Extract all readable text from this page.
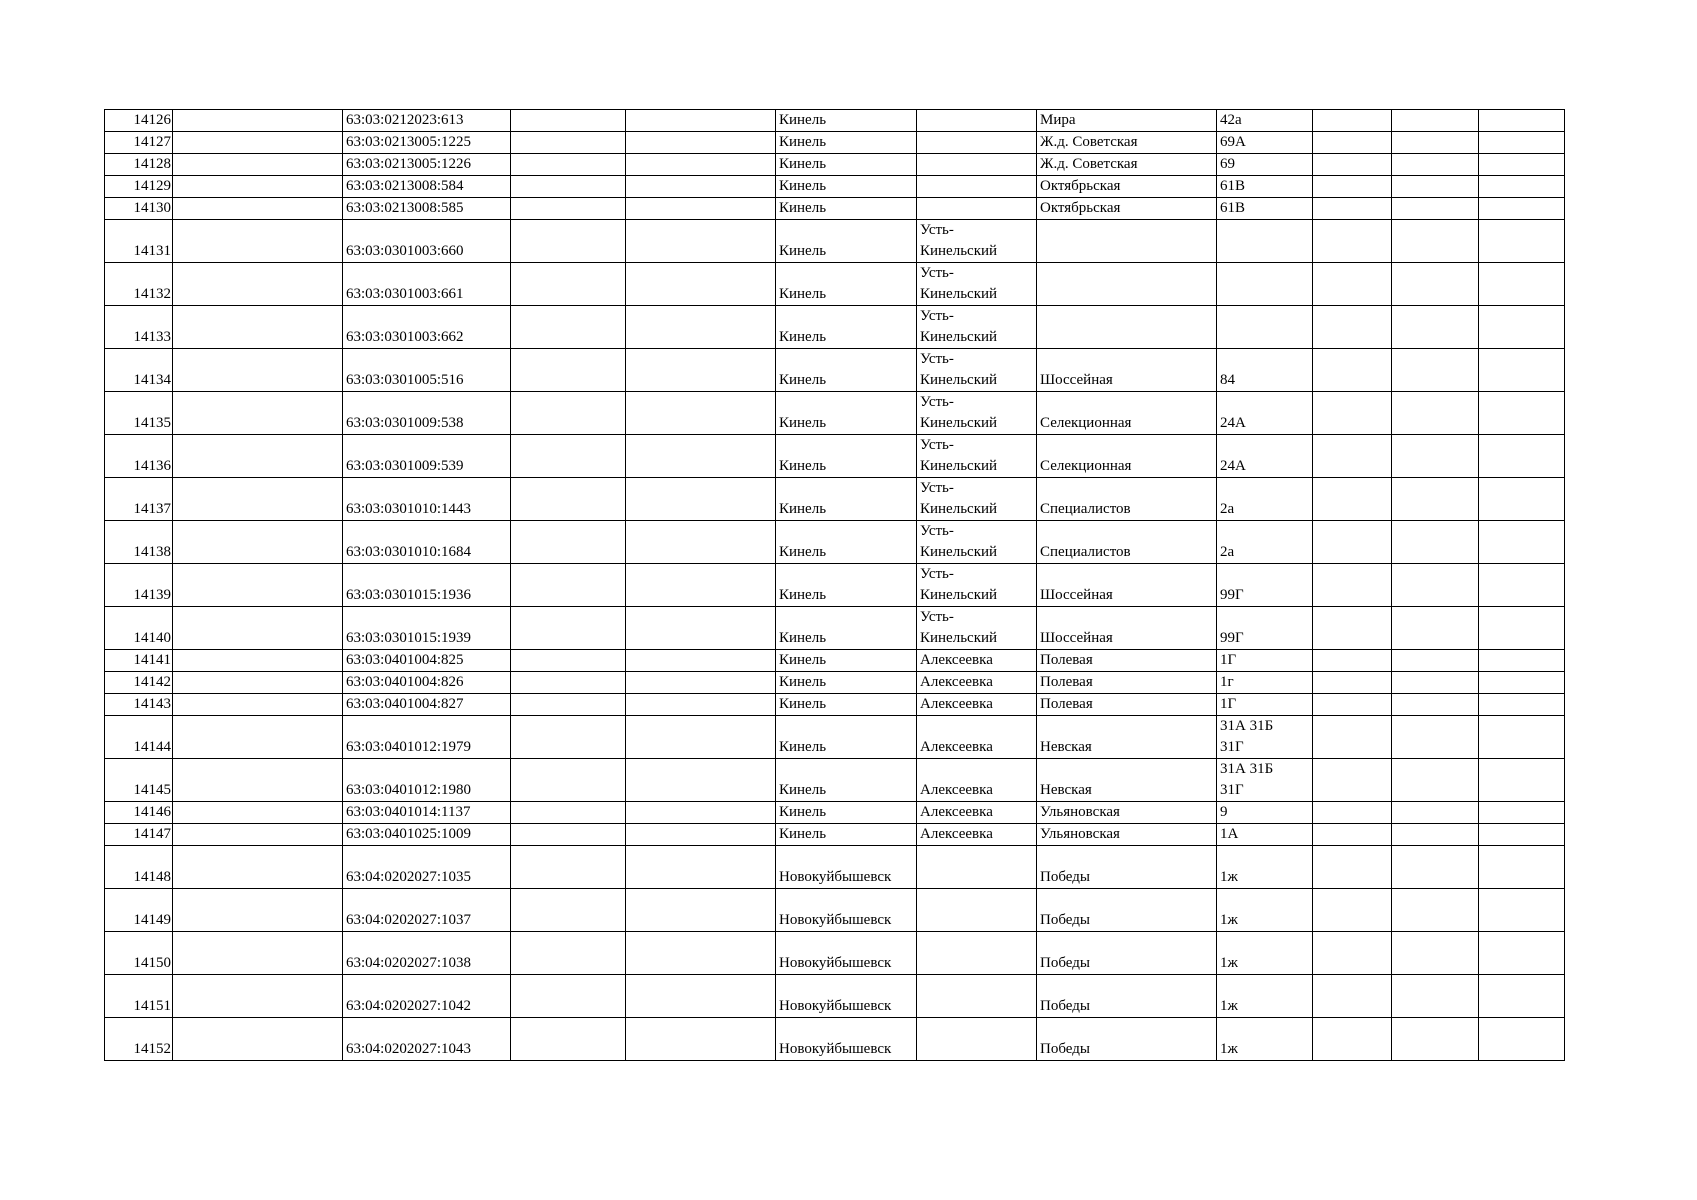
14126		63:03:0212023:613			Кинель		Мира	42а			
14127		63:03:0213005:1225			Кинель		Ж.д. Советская	69А			
14128		63:03:0213005:1226			Кинель		Ж.д. Советская	69			
14129		63:03:0213008:584			Кинель		Октябрьская	61В			
14130		63:03:0213008:585			Кинель		Октябрьская	61В			
14131		63:03:0301003:660			Кинель	Усть-
Кинельский					
14132		63:03:0301003:661			Кинель	Усть-
Кинельский					
14133		63:03:0301003:662			Кинель	Усть-
Кинельский					
14134		63:03:0301005:516			Кинель	Усть-
Кинельский	Шоссейная	84			
14135		63:03:0301009:538			Кинель	Усть-
Кинельский	Селекционная	24А			
14136		63:03:0301009:539			Кинель	Усть-
Кинельский	Селекционная	24А			
14137		63:03:0301010:1443			Кинель	Усть-
Кинельский	Специалистов	2а			
14138		63:03:0301010:1684			Кинель	Усть-
Кинельский	Специалистов	2а			
14139		63:03:0301015:1936			Кинель	Усть-
Кинельский	Шоссейная	99Г			
14140		63:03:0301015:1939			Кинель	Усть-
Кинельский	Шоссейная	99Г			
14141		63:03:0401004:825			Кинель	Алексеевка	Полевая	1Г			
14142		63:03:0401004:826			Кинель	Алексеевка	Полевая	1г			
14143		63:03:0401004:827			Кинель	Алексеевка	Полевая	1Г			
14144		63:03:0401012:1979			Кинель	Алексеевка	Невская	31А 31Б
31Г			
14145		63:03:0401012:1980			Кинель	Алексеевка	Невская	31А 31Б
31Г			
14146		63:03:0401014:1137			Кинель	Алексеевка	Ульяновская	9			
14147		63:03:0401025:1009			Кинель	Алексеевка	Ульяновская	1А			
14148		63:04:0202027:1035			Новокуйбышевск		Победы	1ж			
14149		63:04:0202027:1037			Новокуйбышевск		Победы	1ж			
14150		63:04:0202027:1038			Новокуйбышевск		Победы	1ж			
14151		63:04:0202027:1042			Новокуйбышевск		Победы	1ж			
14152		63:04:0202027:1043			Новокуйбышевск		Победы	1ж			
